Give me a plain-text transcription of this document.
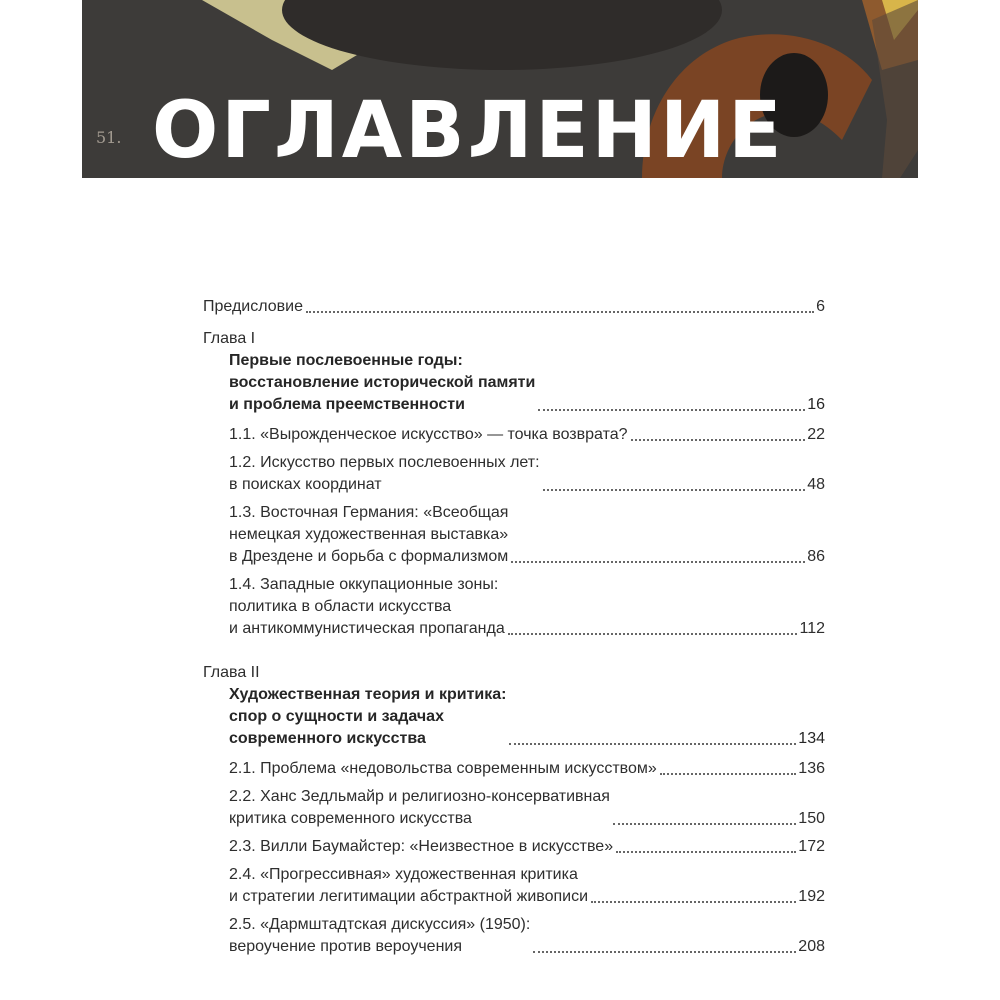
51. ОГЛАВЛЕНИЕ
Предисловие	6
Глава I
Первые послевоенные годы:
восстановление исторической памяти
и проблема преемственности	16
1.1. «Вырожденческое искусство» — точка возврата?	22
1.2. Искусство первых послевоенных лет:
в поисках координат	48
1.3. Восточная Германия: «Всеобщая
немецкая художественная выставка»
в Дрездене и борьба с формализмом	86
1.4. Западные оккупационные зоны:
политика в области искусства
и антикоммунистическая пропаганда	112
Глава II
Художественная теория и критика:
спор о сущности и задачах
современного искусства	134
2.1. Проблема «недовольства современным искусством»	136
2.2. Ханс Зедльмайр и религиозно-консервативная
критика современного искусства	150
2.3. Вилли Баумайстер: «Неизвестное в искусстве»	172
2.4. «Прогрессивная» художественная критика
и стратегии легитимации абстрактной живописи	192
2.5. «Дармштадтская дискуссия» (1950):
вероучение против вероучения	208
